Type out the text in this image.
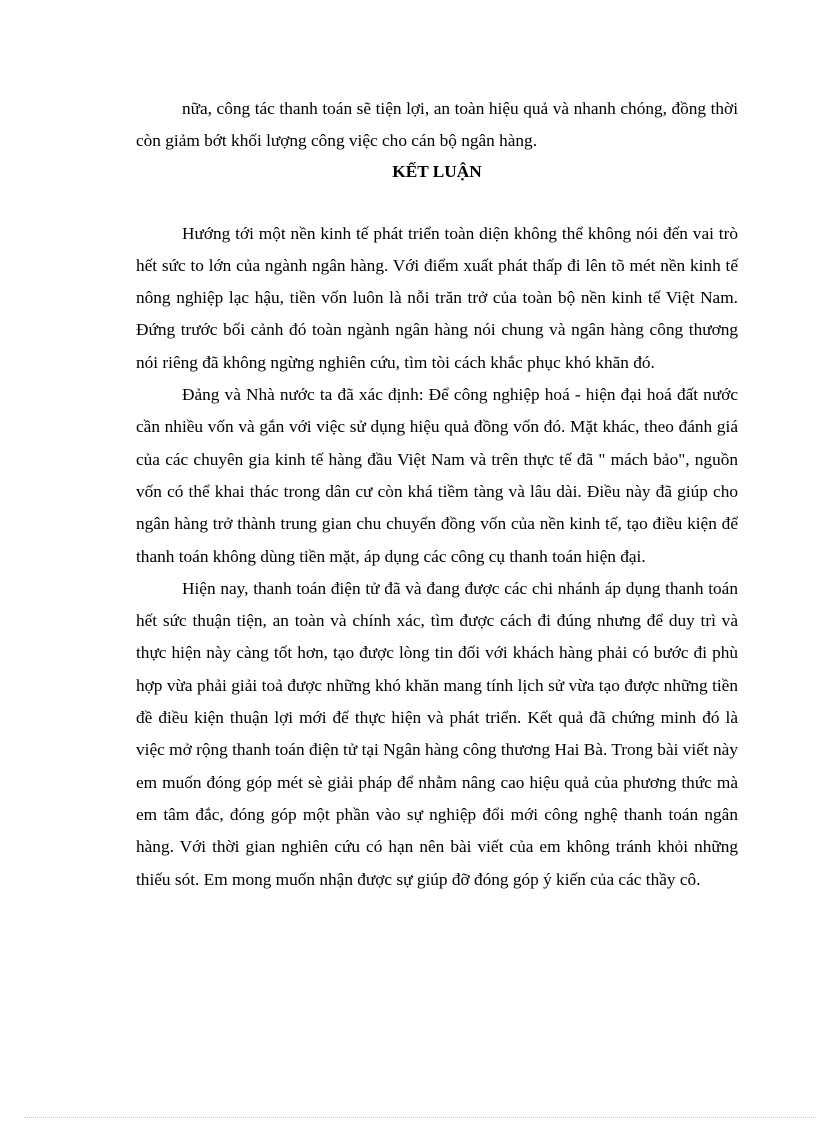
nữa, công tác thanh toán sẽ tiện lợi, an toàn hiệu quả và nhanh chóng, đồng thời còn giảm bớt khối lượng công việc cho cán bộ ngân hàng.

KẾT LUẬN

Hướng tới một nền kinh tế phát triển toàn diện không thể không nói đến vai trò hết sức to lớn của ngành ngân hàng. Với điểm xuất phát thấp đi lên tõ mét nền kinh tế nông nghiệp lạc hậu, tiền vốn luôn là nỗi trăn trở của toàn bộ nền kinh tế Việt Nam. Đứng trước bối cảnh đó toàn ngành ngân hàng nói chung và ngân hàng công thương nói riêng đã không ngừng nghiên cứu, tìm tòi cách khắc phục khó khăn đó.

Đảng và Nhà nước ta đã xác định: Để công nghiệp hoá - hiện đại hoá đất nước cần nhiều vốn và gắn với việc sử dụng hiệu quả đồng vốn đó. Mặt khác, theo đánh giá của các chuyên gia kinh tế hàng đầu Việt Nam và trên thực tế đã " mách bảo", nguồn vốn có thể khai thác trong dân cư còn khá tiềm tàng và lâu dài. Điều này đã giúp cho ngân hàng trở thành trung gian chu chuyển đồng vốn của nền kinh tế, tạo điều kiện để thanh toán không dùng tiền mặt, áp dụng các công cụ thanh toán hiện đại.

Hiện nay, thanh toán điện tử đã và đang được các chi nhánh áp dụng thanh toán hết sức thuận tiện, an toàn và chính xác, tìm được cách đi đúng nhưng để duy trì và thực hiện này càng tốt hơn, tạo được lòng tin đối với khách hàng phải có bước đi phù hợp vừa phải giải toả được những khó khăn mang tính lịch sử vừa tạo được những tiền đề điều kiện thuận lợi mới để thực hiện và phát triển. Kết quả đã chứng minh đó là việc mở rộng thanh toán điện tử tại Ngân hàng công thương Hai Bà. Trong bài viết này em muốn đóng góp mét sè giải pháp để nhằm nâng cao hiệu quả của phương thức mà em tâm đắc, đóng góp một phần vào sự nghiệp đổi mới công nghệ thanh toán ngân hàng. Với thời gian nghiên cứu có hạn nên bài viết của em không tránh khỏi những thiếu sót. Em mong muốn nhận được sự giúp đỡ đóng góp ý kiến của các thầy cô.
